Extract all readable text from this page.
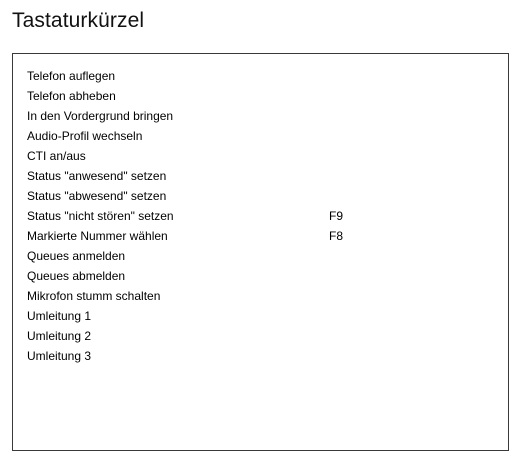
Tastaturkürzel
Telefon auflegen
Telefon abheben
In den Vordergrund bringen
Audio-Profil wechseln
CTI an/aus
Status "anwesend" setzen
Status "abwesend" setzen
Status "nicht stören" setzen	F9
Markierte Nummer wählen	F8
Queues anmelden
Queues abmelden
Mikrofon stumm schalten
Umleitung 1
Umleitung 2
Umleitung 3
